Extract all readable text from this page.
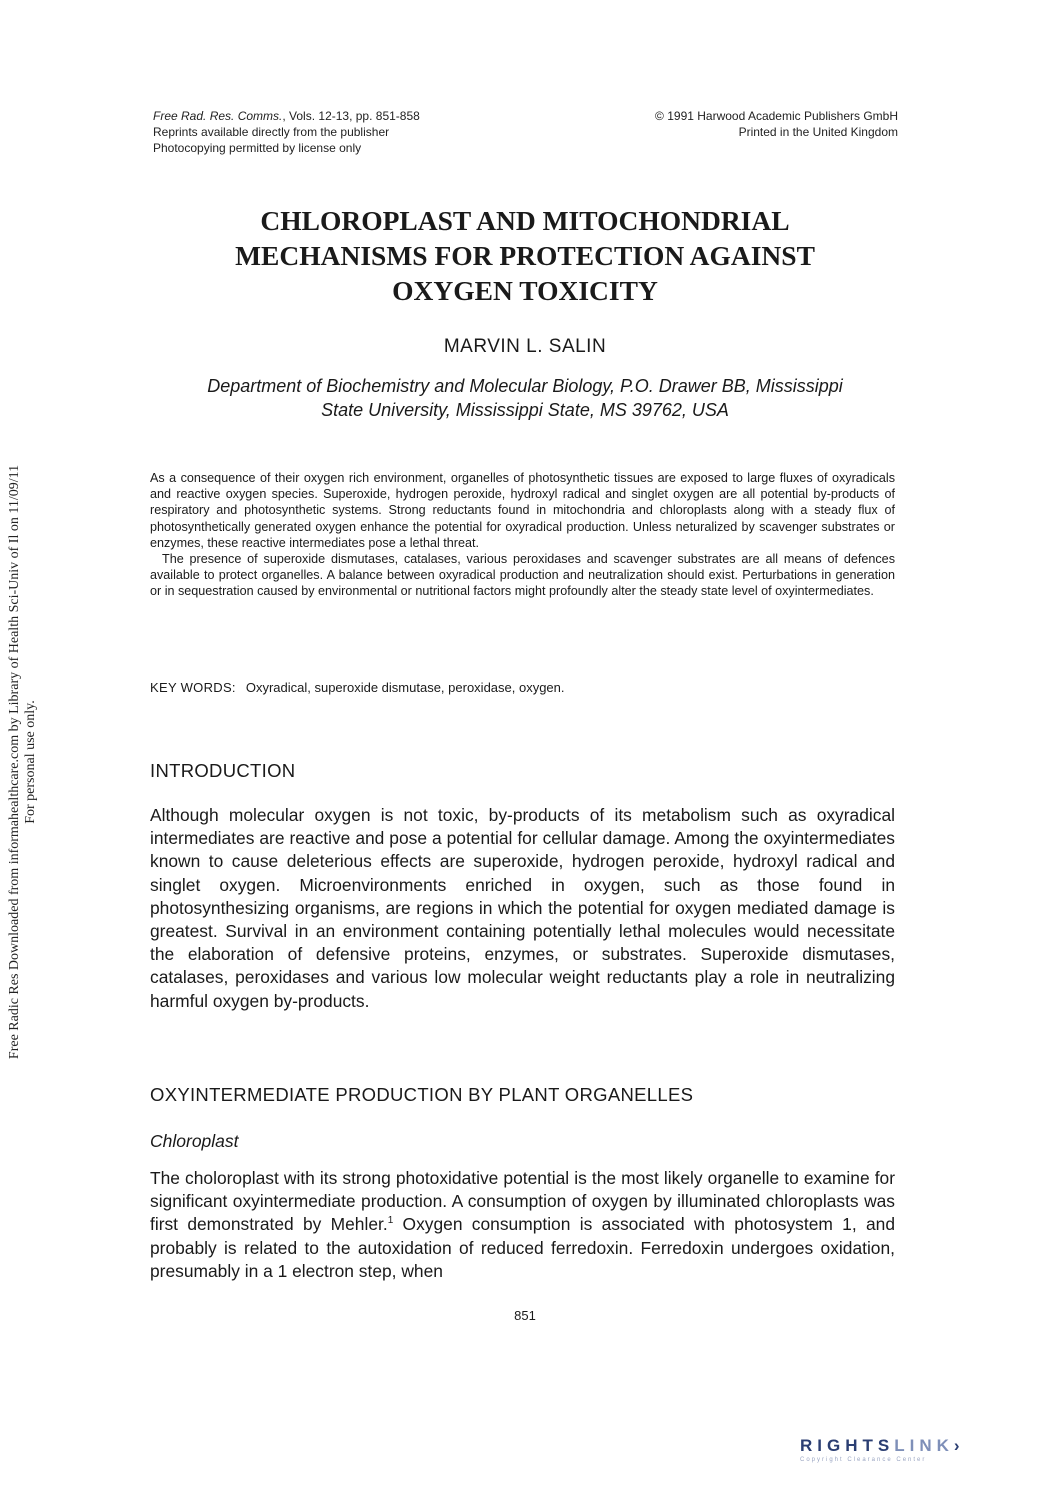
Free Radic Res Downloaded from informahealthcare.com by Library of Health Sci-Univ of Il on 11/09/11 For personal use only.
Free Rad. Res. Comms., Vols. 12-13, pp. 851-858
Reprints available directly from the publisher
Photocopying permitted by license only
© 1991 Harwood Academic Publishers GmbH
Printed in the United Kingdom
CHLOROPLAST AND MITOCHONDRIAL
MECHANISMS FOR PROTECTION AGAINST
OXYGEN TOXICITY
MARVIN L. SALIN
Department of Biochemistry and Molecular Biology, P.O. Drawer BB, Mississippi
State University, Mississippi State, MS 39762, USA

As a consequence of their oxygen rich environment, organelles of photosynthetic tissues are exposed to large fluxes of oxyradicals and reactive oxygen species. Superoxide, hydrogen peroxide, hydroxyl radical and singlet oxygen are all potential by-products of respiratory and photosynthetic systems. Strong reductants found in mitochondria and chloroplasts along with a steady flux of photosynthetically generated oxygen enhance the potential for oxyradical production. Unless neturalized by scavenger substrates or enzymes, these reactive intermediates pose a lethal threat.

The presence of superoxide dismutases, catalases, various peroxidases and scavenger substrates are all means of defences available to protect organelles. A balance between oxyradical production and neutralization should exist. Perturbations in generation or in sequestration caused by environmental or nutritional factors might profoundly alter the steady state level of oxyintermediates.

KEY WORDS: Oxyradical, superoxide dismutase, peroxidase, oxygen.
INTRODUCTION
Although molecular oxygen is not toxic, by-products of its metabolism such as oxyradical intermediates are reactive and pose a potential for cellular damage. Among the oxyintermediates known to cause deleterious effects are superoxide, hydrogen peroxide, hydroxyl radical and singlet oxygen. Microenvironments enriched in oxygen, such as those found in photosynthesizing organisms, are regions in which the potential for oxygen mediated damage is greatest. Survival in an environment containing potentially lethal molecules would necessitate the elaboration of defensive proteins, enzymes, or substrates. Superoxide dismutases, catalases, peroxidases and various low molecular weight reductants play a role in neutralizing harmful oxygen by-products.
OXYINTERMEDIATE PRODUCTION BY PLANT ORGANELLES
Chloroplast
The choloroplast with its strong photoxidative potential is the most likely organelle to examine for significant oxyintermediate production. A consumption of oxygen by illuminated chloroplasts was first demonstrated by Mehler.$^1$ Oxygen consumption is associated with photosystem 1, and probably is related to the autoxidation of reduced ferredoxin. Ferredoxin undergoes oxidation, presumably in a 1 electron step, when
851
RIGHTSLINK›
Copyright Clearance Center
